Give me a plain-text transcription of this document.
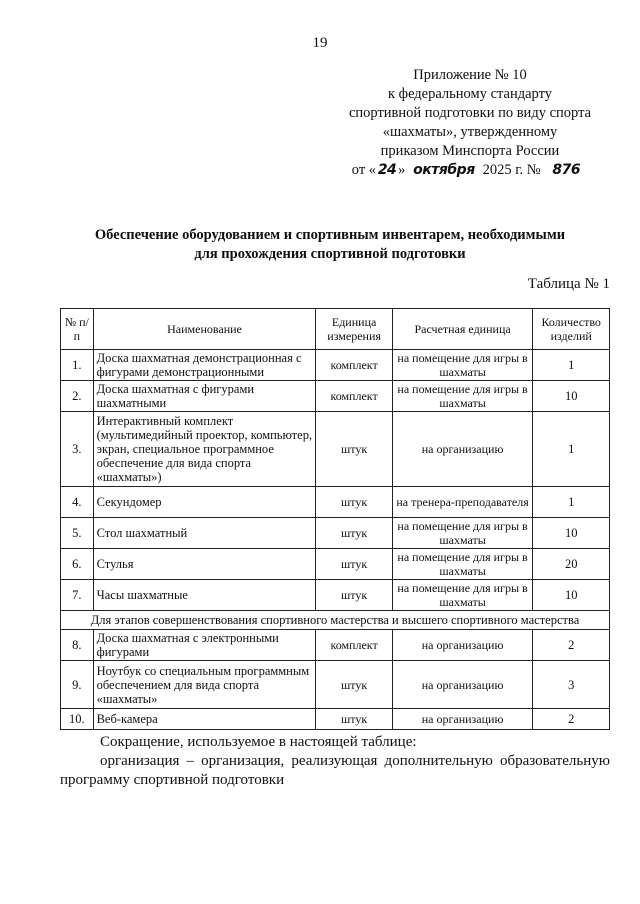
19
Приложение № 10
к федеральному стандарту
спортивной подготовки по виду спорта
«шахматы», утвержденному
приказом Минспорта России
от « 24 » октября 2025 г. № 876
Обеспечение оборудованием и спортивным инвентарем, необходимыми
для прохождения спортивной подготовки
Таблица № 1
№ п/п	Наименование	Единица измерения	Расчетная единица	Количество изделий
1.	Доска шахматная демонстрационная с фигурами демонстрационными	комплект	на помещение для игры в шахматы	1
2.	Доска шахматная с фигурами шахматными	комплект	на помещение для игры в шахматы	10
3.	Интерактивный комплект (мультимедийный проектор, компьютер, экран, специальное программное обеспечение для вида спорта «шахматы»)	штук	на организацию	1
4.	Секундомер	штук	на тренера-преподавателя	1
5.	Стол шахматный	штук	на помещение для игры в шахматы	10
6.	Стулья	штук	на помещение для игры в шахматы	20
7.	Часы шахматные	штук	на помещение для игры в шахматы	10
Для этапов совершенствования спортивного мастерства и высшего спортивного мастерства				
8.	Доска шахматная с электронными фигурами	комплект	на организацию	2
9.	Ноутбук со специальным программным обеспечением для вида спорта «шахматы»	штук	на организацию	3
10.	Веб-камера	штук	на организацию	2

Сокращение, используемое в настоящей таблице:

организация – организация, реализующая дополнительную образовательную программу спортивной подготовки
